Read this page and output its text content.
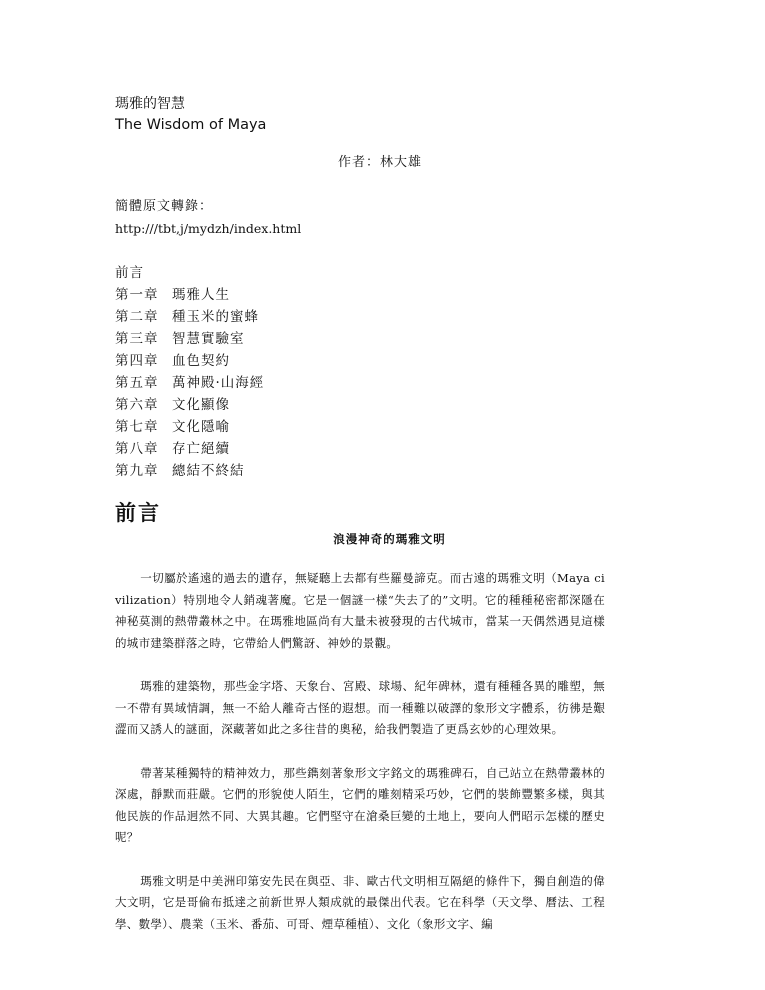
瑪雅的智慧
The Wisdom of Maya
作者：林大雄
簡體原文轉錄：
http:///tbt,j/mydzh/index.html
前言
第一章 瑪雅人生
第二章 種玉米的蜜蜂
第三章 智慧實驗室
第四章 血色契約
第五章 萬神殿·山海經
第六章 文化顯像
第七章 文化隱喻
第八章 存亡絕續
第九章 總結不終結
前言
浪漫神奇的瑪雅文明

一切屬於遙遠的過去的遺存，無疑聽上去都有些羅曼諦克。而古遠的瑪雅文明（Maya civilization）特別地令人銷魂著魔。它是一個謎一樣“失去了的”文明。它的種種秘密都深隱在神秘莫測的熱帶叢林之中。在瑪雅地區尚有大量未被發現的古代城市，當某一天偶然遇見這樣的城市建築群落之時，它帶給人們驚訝、神妙的景觀。

瑪雅的建築物，那些金字塔、天象台、宮殿、球場、紀年碑林，還有種種各異的雕塑，無一不帶有異域情調，無一不給人離奇古怪的遐想。而一種難以破譯的象形文字體系，彷彿是艱澀而又誘人的謎面，深藏著如此之多往昔的奧秘，給我們製造了更爲玄妙的心理效果。

帶著某種獨特的精神效力，那些鐫刻著象形文字銘文的瑪雅碑石，自己站立在熱帶叢林的深處，靜默而莊嚴。它們的形貌使人陌生，它們的雕刻精采巧妙，它們的裝飾豐繁多樣，與其他民族的作品迥然不同、大異其趣。它們堅守在滄桑巨變的土地上，要向人們昭示怎樣的歷史呢？

瑪雅文明是中美洲印第安先民在與亞、非、歐古代文明相互隔絕的條件下，獨自創造的偉大文明，它是哥倫布抵達之前新世界人類成就的最傑出代表。它在科學（天文學、曆法、工程學、數學）、農業（玉米、番茄、可哥、煙草種植）、文化（象形文字、編
